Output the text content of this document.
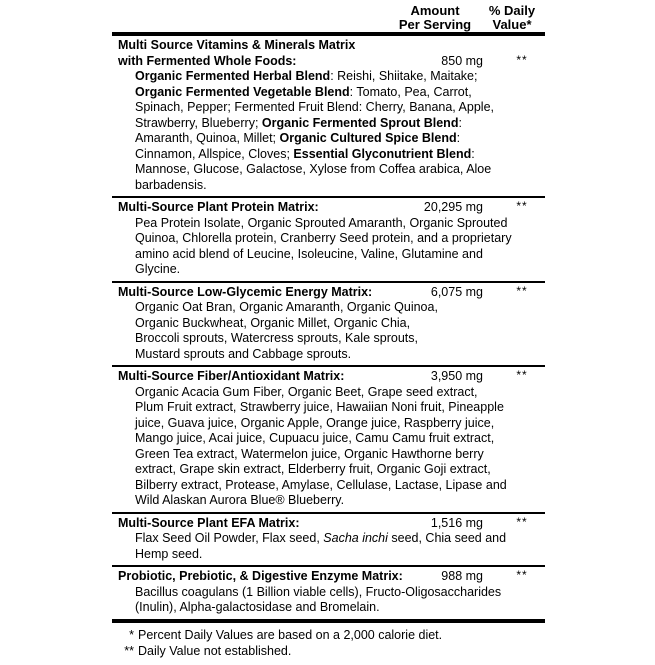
Amount
Per Serving
% Daily
Value*
Multi Source Vitamins & Minerals Matrix
with Fermented Whole Foods:	850 mg	**
Organic Fermented Herbal Blend: Reishi, Shiitake, Maitake;
Organic Fermented Vegetable Blend: Tomato, Pea, Carrot,
Spinach, Pepper; Fermented Fruit Blend: Cherry, Banana, Apple,
Strawberry, Blueberry; Organic Fermented Sprout Blend:
Amaranth, Quinoa, Millet; Organic Cultured Spice Blend:
Cinnamon, Allspice, Cloves; Essential Glyconutrient Blend:
Mannose, Glucose, Galactose, Xylose from Coffea arabica, Aloe
barbadensis.
Multi-Source Plant Protein Matrix:	20,295 mg	**
Pea Protein Isolate, Organic Sprouted Amaranth, Organic Sprouted
Quinoa, Chlorella protein, Cranberry Seed protein, and a proprietary
amino acid blend of Leucine, Isoleucine, Valine, Glutamine and
Glycine.
Multi-Source Low-Glycemic Energy Matrix:	6,075 mg	**
Organic Oat Bran, Organic Amaranth, Organic Quinoa,
Organic Buckwheat, Organic Millet, Organic Chia,
Broccoli sprouts, Watercress sprouts, Kale sprouts,
Mustard sprouts and Cabbage sprouts.
Multi-Source Fiber/Antioxidant Matrix:	3,950 mg	**
Organic Acacia Gum Fiber, Organic Beet, Grape seed extract,
Plum Fruit extract, Strawberry juice, Hawaiian Noni fruit, Pineapple
juice, Guava juice, Organic Apple, Orange juice, Raspberry juice,
Mango juice, Acai juice, Cupuacu juice, Camu Camu fruit extract,
Green Tea extract, Watermelon juice, Organic Hawthorne berry
extract, Grape skin extract, Elderberry fruit, Organic Goji extract,
Bilberry extract, Protease, Amylase, Cellulase, Lactase, Lipase and
Wild Alaskan Aurora Blue® Blueberry.
Multi-Source Plant EFA Matrix:	1,516 mg	**
Flax Seed Oil Powder, Flax seed, Sacha inchi seed, Chia seed and
Hemp seed.
Probiotic, Prebiotic, & Digestive Enzyme Matrix:	988 mg	**
Bacillus coagulans (1 Billion viable cells), Fructo-Oligosaccharides
(Inulin), Alpha-galactosidase and Bromelain.
* Percent Daily Values are based on a 2,000 calorie diet.
** Daily Value not established.
